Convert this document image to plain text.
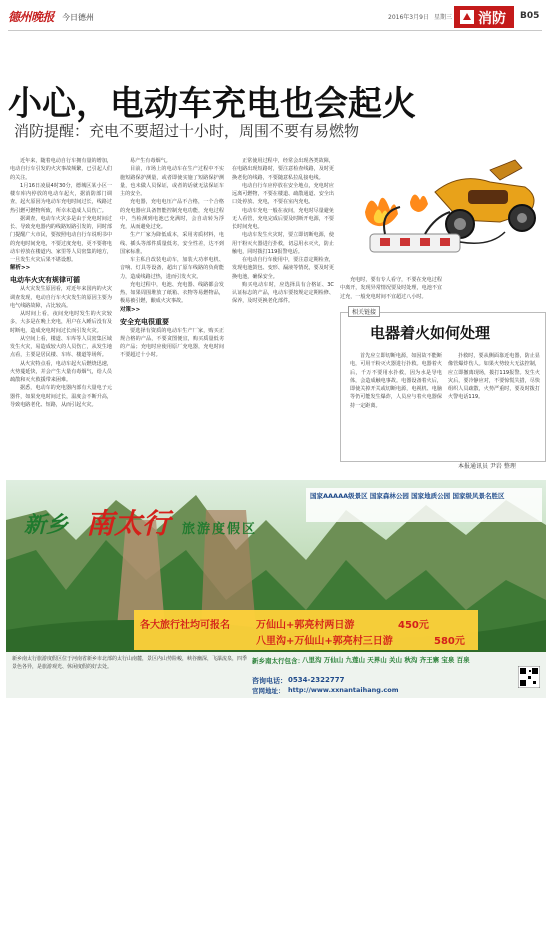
德州晚报 今日德州	2016年3月9日 星期三 消防 B05
小心，电动车充电也会起火
消防提醒：充电不要超过十小时，周围不要有易燃物

近年来，随着电动自行车拥有量的增加，电动自行车引发的火灾事故频繁，已引起人们的关注。

1月16日凌晨4时30分，德城区某小区一楼车库内停放的电动车起火，据消防部门调查，起火原因为电动车充电时间过长，线路过热引燃可燃物所致，所幸未造成人员伤亡。

据调查，电动车火灾多是由于充电时间过长、导致充电器内的线路短路引发的，同时部门提醒广大市民，要按照电动自行车说明书中的充电时间充电，不要过度充电，更不要将电动车停放在楼道内、家里等人员密集的地方，一旦发生火灾后果不堪设想。

解析>>

电动车火灾有规律可循

从火灾发生原因看，对近年来国内的火灾调查发现，电动自行车火灾发生的原因主要为电气线路故障，占比较高。

从时间上看，夜间充电时发生的火灾较多，大多是在晚上充电，用户在入睡后没有及时断电，造成充电时间过长而引发火灾。

从空间上看，楼道、车库等人员密集区域发生火灾，易造成较大的人员伤亡，从发生地点看，主要是居民楼、车库、楼道等场所。

从火灾特点看，电动车起火后燃烧迅速，火势蔓延快，并会产生大量有毒烟气，给人员疏散和灭火救援带来困难。

据悉，电动车的充电器内部有大量电子元器件，如果充电时间过长，温度会不断升高，导致电路老化、短路，从而引起火灾。

易产生有毒烟气。

目前，市场上的电动车在生产过程中不实施短路保护测量，或者即使实施了短路保护测量，也未做人员保证，或者的话就无法保证车主的安全。

充电器，充电电压产品不合格，一个合格的充电器应具备智能控制充电功能，充电过程中，当检测到电池已充满时，会自动转为浮充，从而避免过充。

生产厂家为降低成本，采用劣质材料，电线、插头等部件质量低劣，安全性差，达不到国家标准。

车主私自改装电动车，加装大功率电机、音响、灯具等设备，超出了原车线路的负荷能力，造成线路过热，进而引发火灾。

充电过程中，电池、充电器、线路都会发热，如果周围堆放了纸箱、衣物等易燃物品，极易被引燃，酿成火灾事故。

对策>>

安全充电很重要

要选择有资质的电动车生产厂家，购买正规合格的产品，不要贪图便宜，购买质量低劣的产品；充电时应使用原厂充电器，充电时间不要超过十小时。

正常使用过程中，经常会出现各类故障，在电路出现短路时，要注意检查线路，及时更换老化的线路，不要随意私拉乱接电线。

电动自行车应停放在安全地点，充电时应远离可燃物，不要在楼道、疏散通道、安全出口处停放、充电，不要在室内充电。

电动车充电一般在夜间，充电时尽量避免无人看管，充电完成后要及时断开电源，不要长时间充电。

电动车发生火灾时，要立即切断电源，使用干粉灭火器进行扑救，切忌用水灭火，防止触电，同时拨打119报警电话。

在电动自行车使用中，要注意定期检查，发现电池鼓包、变形、漏液等情况，要及时更换电池，确保安全。

购买电动车时，应选择具有合格证、3C认证标志的产品，电动车要按规定定期检修、保养，及时更换老化部件。

充电时，要有专人看守，不要在充电过程中离开，发现异常情况要及时处理，电池不宜过充，一般充电时间不宜超过八小时。

相关链接
电器着火如何处理

首先应立即切断电源，如因故不能断电，可用干粉灭火器进行扑救。电器着火后，千万不要用水扑救，因为水是导电体，会造成触电事故。电器设备着火后，即使关掉开关或切断电源，电视机、电脑等仍可能发生爆炸，人员应与着火电器保持一定距离。

扑救时，要从侧面靠近电器，防止显像管爆炸伤人。如果火势较大无法控制，应立即撤离现场，拨打119报警。发生火灾后，要冷静应对，不要惊慌失措，尽快组织人员疏散，火势严重时，要及时拨打火警电话119。

本报通讯员 尹岩 整理
新乡 南太行 旅游度假区
国家AAAAA级景区 国家森林公园 国家地质公园 国家级风景名胜区
各大旅行社均可报名	万仙山+郭亮村两日游	450元
八里沟+万仙山+郭亮村三日游	580元
新乡南太行旅游度假区位于河南省新乡市北部的太行山南麓，景区内山势险峻，峡谷幽深，飞瀑流泉，四季景色各异，是旅游观光、休闲度假的好去处。
新乡南太行包含：
八里沟 万仙山 九莲山 天界山 关山 秋沟 齐王寨 宝泉 百泉
咨询电话： 0534-2322777
官网地址： http://www.xxnantaihang.com
